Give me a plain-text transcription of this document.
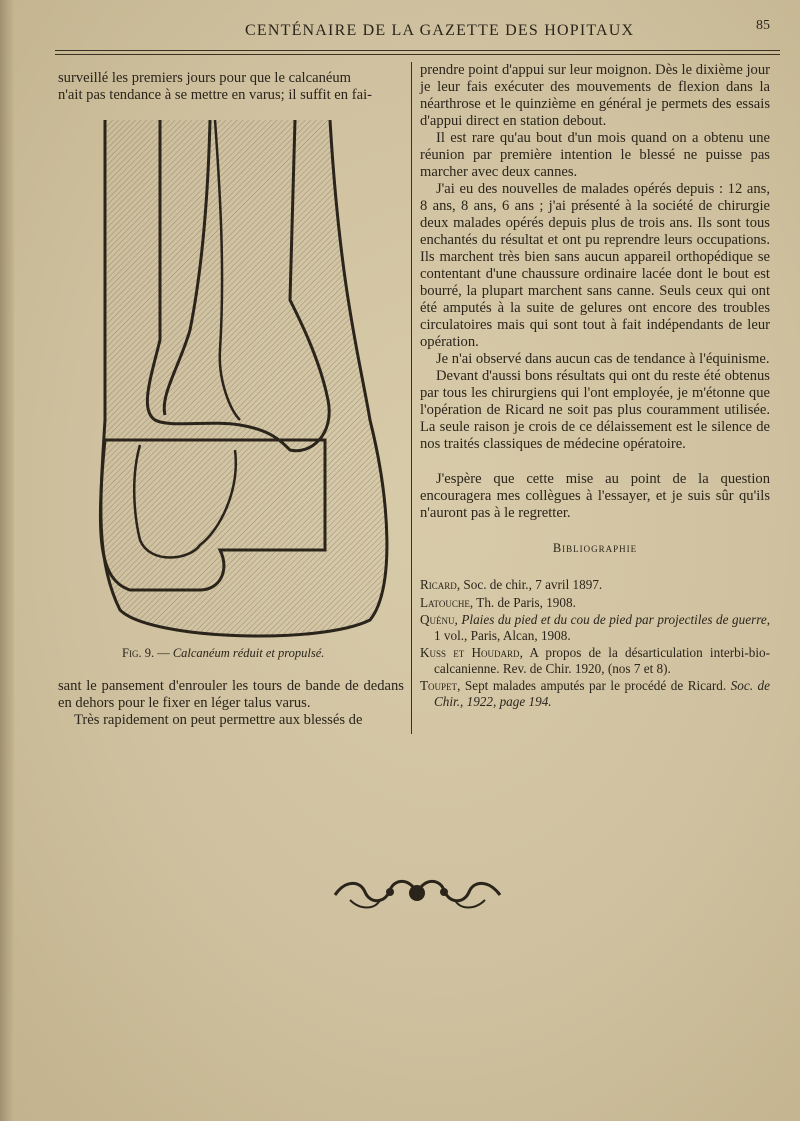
CENTÉNAIRE DE LA GAZETTE DES HOPITAUX	85

surveillé les premiers jours pour que le calcanéum

n'ait pas tendance à se mettre en varus; il suffit en fai-

Fig. 9. — Calcanéum réduit et propulsé.

sant le pansement d'enrouler les tours de bande de dedans en dehors pour le fixer en léger talus varus.

Très rapidement on peut permettre aux blessés de

prendre point d'appui sur leur moignon. Dès le dixième jour je leur fais exécuter des mouvements de flexion dans la néarthrose et le quinzième en général je permets des essais d'appui direct en station debout.

Il est rare qu'au bout d'un mois quand on a obtenu une réunion par première intention le blessé ne puisse pas marcher avec deux cannes.

J'ai eu des nouvelles de malades opérés depuis : 12 ans, 8 ans, 8 ans, 6 ans ; j'ai présenté à la société de chirurgie deux malades opérés depuis plus de trois ans. Ils sont tous enchantés du résultat et ont pu reprendre leurs occupations. Ils marchent très bien sans aucun appareil orthopédique se contentant d'une chaussure ordinaire lacée dont le bout est bourré, la plupart marchent sans canne. Seuls ceux qui ont été amputés à la suite de gelures ont encore des troubles circulatoires mais qui sont tout à fait indépendants de leur opération.

Je n'ai observé dans aucun cas de tendance à l'équinisme.

Devant d'aussi bons résultats qui ont du reste été obtenus par tous les chirurgiens qui l'ont employée, je m'étonne que l'opération de Ricard ne soit pas plus couramment utilisée. La seule raison je crois de ce délaissement est le silence de nos traités classiques de médecine opératoire.

J'espère que cette mise au point de la question encouragera mes collègues à l'essayer, et je suis sûr qu'ils n'auront pas à le regretter.

Bibliographie

Ricard, Soc. de chir., 7 avril 1897.

Latouche, Th. de Paris, 1908.

Quénu, Plaies du pied et du cou de pied par projectiles de guerre, 1 vol., Paris, Alcan, 1908.

Kuss et Houdard, A propos de la désarticulation interbi-bio-calcanienne. Rev. de Chir. 1920, (nos 7 et 8).

Toupet, Sept malades amputés par le procédé de Ricard. Soc. de Chir., 1922, page 194.
